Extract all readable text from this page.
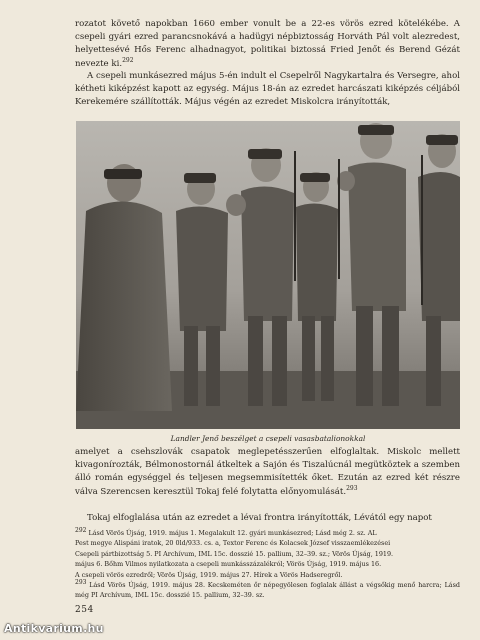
rozatot követő napokban 1660 ember vonult be a 22-es vörös ezred kötelékébe. A csepeli gyári ezred parancsnokává a hadügyi népbiztosság Horváth Pál volt alezredest, helyettesévé Hős Ferenc alhadnagyot, politikai biztossá Fried Jenőt és Berend Gézát nevezte ki.$^{292}$

A csepeli munkásezred május 5-én indult el Csepelről Nagykartalra és Versegre, ahol kétheti kiképzést kapott az egység. Május 18-án az ezredet harcászati kiképzés céljából Kerekemére szállították. Május végén az ezredet Miskolcra irányították,

Landler Jenő beszélget a csepeli vasasbatalionokkal

amelyet a csehszlovák csapatok meglepetésszerűen elfoglaltak. Miskolc mellett kivagonírozták, Bélmonostornál átkeltek a Sajón és Tiszalúcnál megütköztek a szemben álló román egységgel és teljesen megsemmisítették őket. Ezután az ezred két részre válva Szerencsen keresztül Tokaj felé folytatta előnyomulását.$^{293}$

Tokaj elfoglalása után az ezredet a lévai frontra irányították, Lévától egy napot

292 Lásd Vörös Újság, 1919. május 1. Megalakult 12. gyári munkásezred; Lásd még 2. sz. AL
Pest megye Alispáni iratok, 20 0ld/933. cs. a, Textor Ferenc és Kolacsek József visszaemlékezései
Csepeli pártbizottság 5. PI Archívum, IML 15c. dosszié 15. pallium, 32–39. sz.; Vörös Újság, 1919.
május 6. Bőhm Vilmos nyilatkozata a csepeli munkásszázalékról; Vörös Újság, 1919. május 16.
A csepeli vörös ezredről; Vörös Újság, 1919. május 27. Hírek a Vörös Hadseregről.
293 Lásd Vörös Újság, 1919. május 28. Kecskeméten őr népegyölesen foglalak állást a végsőkig menő harcra; Lásd még PI Archívum, IML 15c. dosszié 15. pallium, 32–39. sz.
254
Antikvarium.hu
